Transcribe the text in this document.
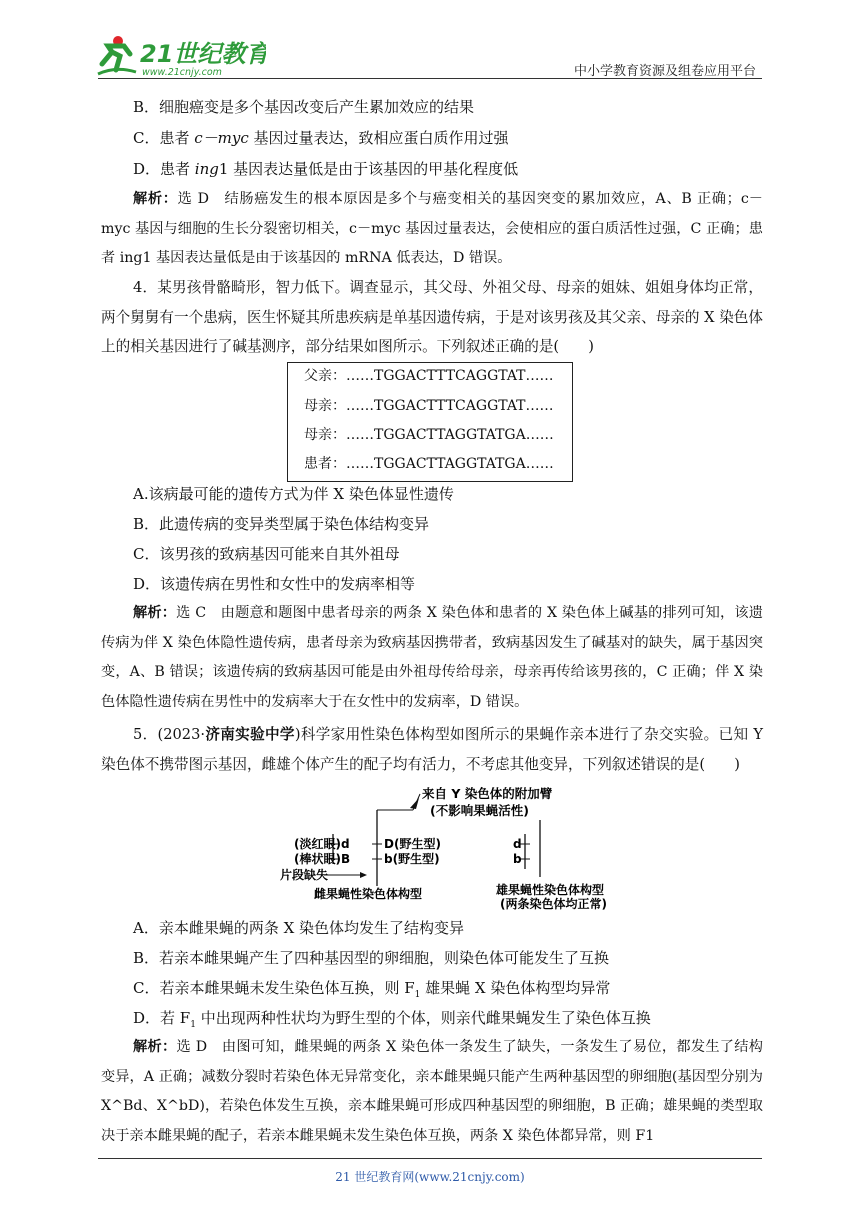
21世纪教育
www.21cnjy.com	中小学教育资源及组卷应用平台
B．细胞癌变是多个基因改变后产生累加效应的结果
C．患者 c－myc 基因过量表达，致相应蛋白质作用过强
D．患者 ing1 基因表达量低是由于该基因的甲基化程度低
解析：选 D　结肠癌发生的根本原因是多个与癌变相关的基因突变的累加效应，A、B 正确；c－myc 基因与细胞的生长分裂密切相关，c－myc 基因过量表达，会使相应的蛋白质活性过强，C 正确；患者 ing1 基因表达量低是由于该基因的 mRNA 低表达，D 错误。
4．某男孩骨骼畸形，智力低下。调查显示，其父母、外祖父母、母亲的姐妹、姐姐身体均正常，两个舅舅有一个患病，医生怀疑其所患疾病是单基因遗传病，于是对该男孩及其父亲、母亲的 X 染色体上的相关基因进行了碱基测序，部分结果如图所示。下列叙述正确的是(　　)
父亲：……TGGACTTTCAGGTAT……
母亲：……TGGACTTTCAGGTAT……
母亲：……TGGACTTAGGTATGA……
患者：……TGGACTTAGGTATGA……
A.该病最可能的遗传方式为伴 X 染色体显性遗传
B．此遗传病的变异类型属于染色体结构变异
C．该男孩的致病基因可能来自其外祖母
D．该遗传病在男性和女性中的发病率相等
解析：选 C　由题意和题图中患者母亲的两条 X 染色体和患者的 X 染色体上碱基的排列可知，该遗传病为伴 X 染色体隐性遗传病，患者母亲为致病基因携带者，致病基因发生了碱基对的缺失，属于基因突变，A、B 错误；该遗传病的致病基因可能是由外祖母传给母亲，母亲再传给该男孩的，C 正确；伴 X 染色体隐性遗传病在男性中的发病率大于在女性中的发病率，D 错误。
5．(2023·济南实验中学)科学家用性染色体构型如图所示的果蝇作亲本进行了杂交实验。已知 Y 染色体不携带图示基因，雌雄个体产生的配子均有活力，不考虑其他变异，下列叙述错误的是(　　)
来自 Y 染色体的附加臂
(不影响果蝇活性)
(淡红眼)d
(棒状眼)B
片段缺失
D(野生型)
b(野生型)
雌果蝇性染色体构型
d
b
雄果蝇性染色体构型
(两条染色体均正常)
A．亲本雌果蝇的两条 X 染色体均发生了结构变异
B．若亲本雌果蝇产生了四种基因型的卵细胞，则染色体可能发生了互换
C．若亲本雌果蝇未发生染色体互换，则 $F_1$ 雄果蝇 X 染色体构型均异常
D．若 $F_1$ 中出现两种性状均为野生型的个体，则亲代雌果蝇发生了染色体互换
解析：选 D　由图可知，雌果蝇的两条 X 染色体一条发生了缺失，一条发生了易位，都发生了结构变异，A 正确；减数分裂时若染色体无异常变化，亲本雌果蝇只能产生两种基因型的卵细胞(基因型分别为 X^Bd、X^bD)，若染色体发生互换，亲本雌果蝇可形成四种基因型的卵细胞，B 正确；雄果蝇的类型取决于亲本雌果蝇的配子，若亲本雌果蝇未发生染色体互换，两条 X 染色体都异常，则 F1
21 世纪教育网(www.21cnjy.com)
